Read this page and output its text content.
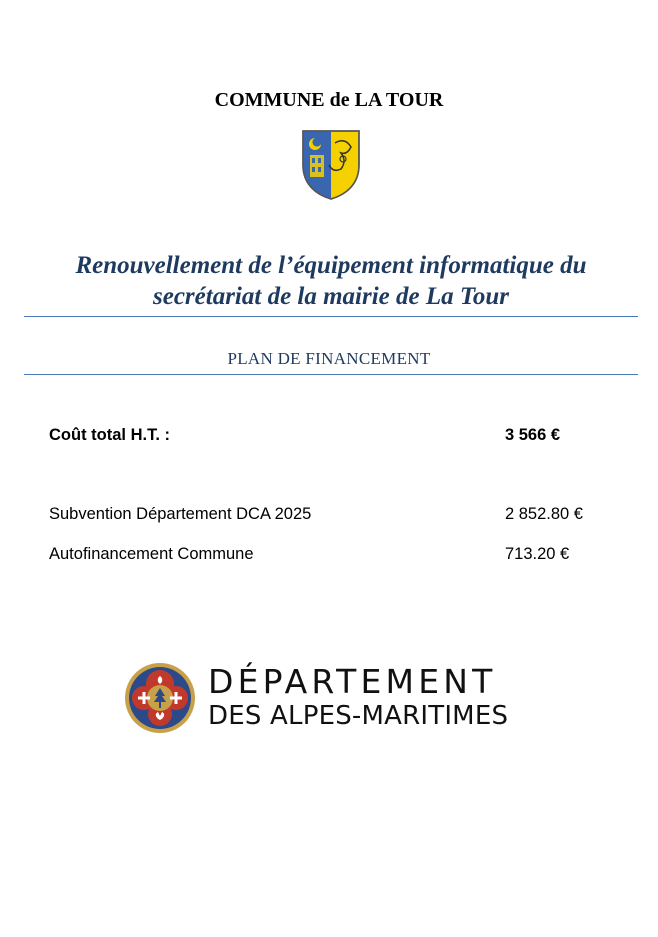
COMMUNE de LA TOUR
Renouvellement de l’équipement informatique du
secrétariat de la mairie de La Tour
PLAN DE FINANCEMENT
Coût total H.T. :	3 566 €
Subvention Département DCA 2025	2 852.80 €
Autofinancement Commune	713.20 €
DÉPARTEMENT
DES ALPES-MARITIMES
